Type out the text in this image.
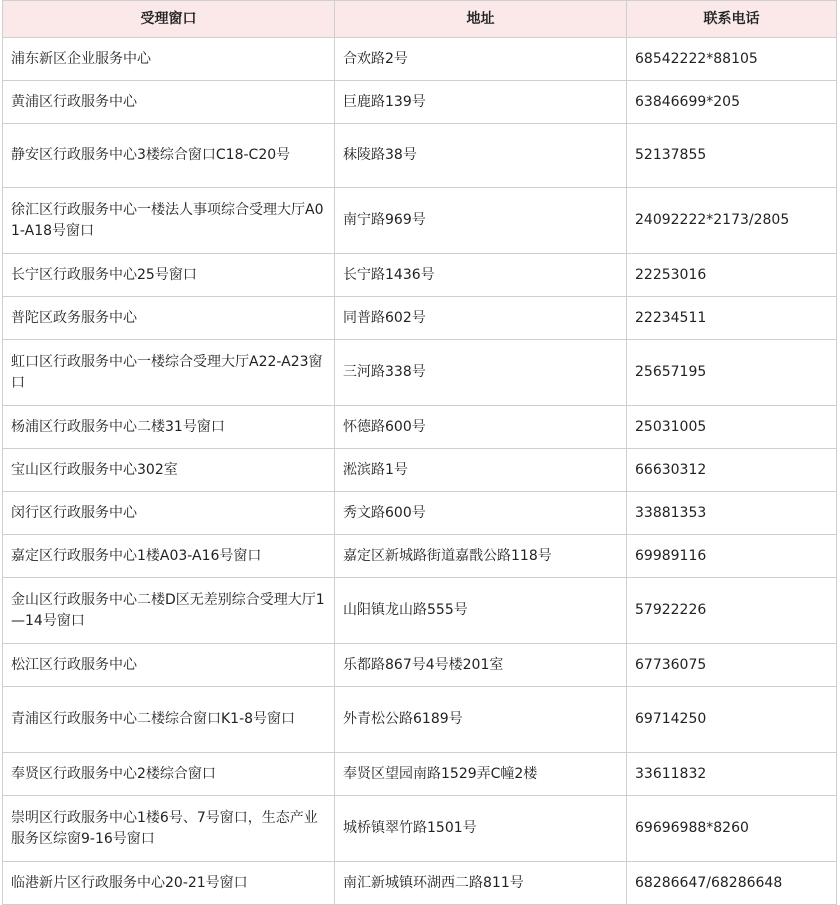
受理窗口	地址	联系电话
浦东新区企业服务中心	合欢路2号	68542222*88105
黄浦区行政服务中心	巨鹿路139号	63846699*205
静安区行政服务中心3楼综合窗口C18-C20号	秣陵路38号	52137855
徐汇区行政服务中心一楼法人事项综合受理大厅A01-A18号窗口	南宁路969号	24092222*2173/2805
长宁区行政服务中心25号窗口	长宁路1436号	22253016
普陀区政务服务中心	同普路602号	22234511
虹口区行政服务中心一楼综合受理大厅A22-A23窗口	三河路338号	25657195
杨浦区行政服务中心二楼31号窗口	怀德路600号	25031005
宝山区行政服务中心302室	淞滨路1号	66630312
闵行区行政服务中心	秀文路600号	33881353
嘉定区行政服务中心1楼A03-A16号窗口	嘉定区新城路街道嘉戬公路118号	69989116
金山区行政服务中心二楼D区无差别综合受理大厅1—14号窗口	山阳镇龙山路555号	57922226
松江区行政服务中心	乐都路867号4号楼201室	67736075
青浦区行政服务中心二楼综合窗口K1-8号窗口	外青松公路6189号	69714250
奉贤区行政服务中心2楼综合窗口	奉贤区望园南路1529弄C幢2楼	33611832
崇明区行政服务中心1楼6号、7号窗口，生态产业服务区综窗9-16号窗口	城桥镇翠竹路1501号	69696988*8260
临港新片区行政服务中心20-21号窗口	南汇新城镇环湖西二路811号	68286647/68286648
